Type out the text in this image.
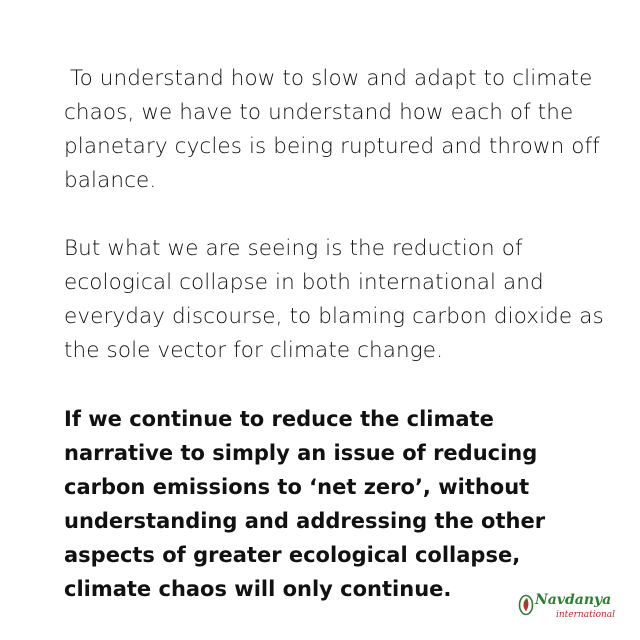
To understand how to slow and adapt to climate chaos, we have to understand how each of the planetary cycles is being ruptured and thrown off balance.

But what we are seeing is the reduction of ecological collapse in both international and everyday discourse, to blaming carbon dioxide as the sole vector for climate change.

If we continue to reduce the climate narrative to simply an issue of reducing carbon emissions to ‘net zero’, without understanding and addressing the other aspects of greater ecological collapse, climate chaos will only continue.	Navdanya
international
